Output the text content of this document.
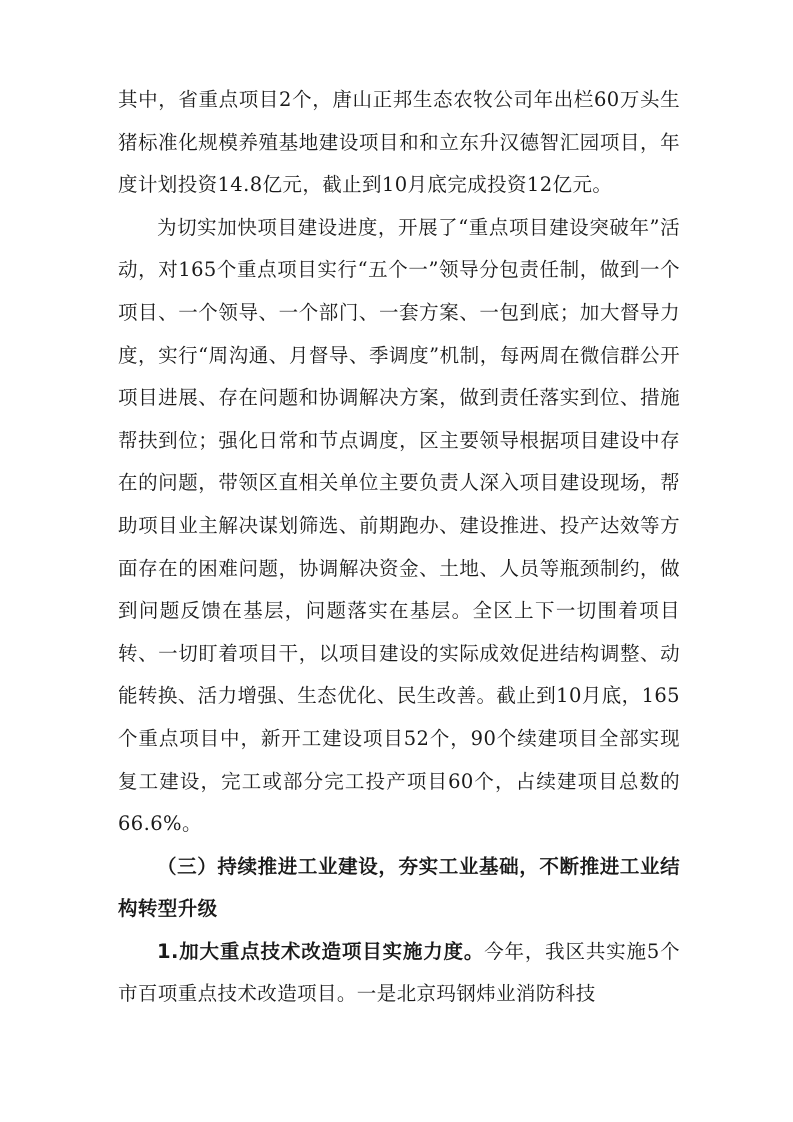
其中，省重点项目2个，唐山正邦生态农牧公司年出栏60万头生猪标准化规模养殖基地建设项目和和立东升汉德智汇园项目，年度计划投资14.8亿元，截止到10月底完成投资12亿元。

为切实加快项目建设进度，开展了“重点项目建设突破年”活动，对165个重点项目实行“五个一”领导分包责任制，做到一个项目、一个领导、一个部门、一套方案、一包到底；加大督导力度，实行“周沟通、月督导、季调度”机制，每两周在微信群公开项目进展、存在问题和协调解决方案，做到责任落实到位、措施帮扶到位；强化日常和节点调度，区主要领导根据项目建设中存在的问题，带领区直相关单位主要负责人深入项目建设现场，帮助项目业主解决谋划筛选、前期跑办、建设推进、投产达效等方面存在的困难问题，协调解决资金、土地、人员等瓶颈制约，做到问题反馈在基层，问题落实在基层。全区上下一切围着项目转、一切盯着项目干，以项目建设的实际成效促进结构调整、动能转换、活力增强、生态优化、民生改善。截止到10月底，165个重点项目中，新开工建设项目52个，90个续建项目全部实现复工建设，完工或部分完工投产项目60个，占续建项目总数的66.6%。

（三）持续推进工业建设，夯实工业基础，不断推进工业结构转型升级

1.加大重点技术改造项目实施力度。今年，我区共实施5个市百项重点技术改造项目。一是北京玛钢炜业消防科技
